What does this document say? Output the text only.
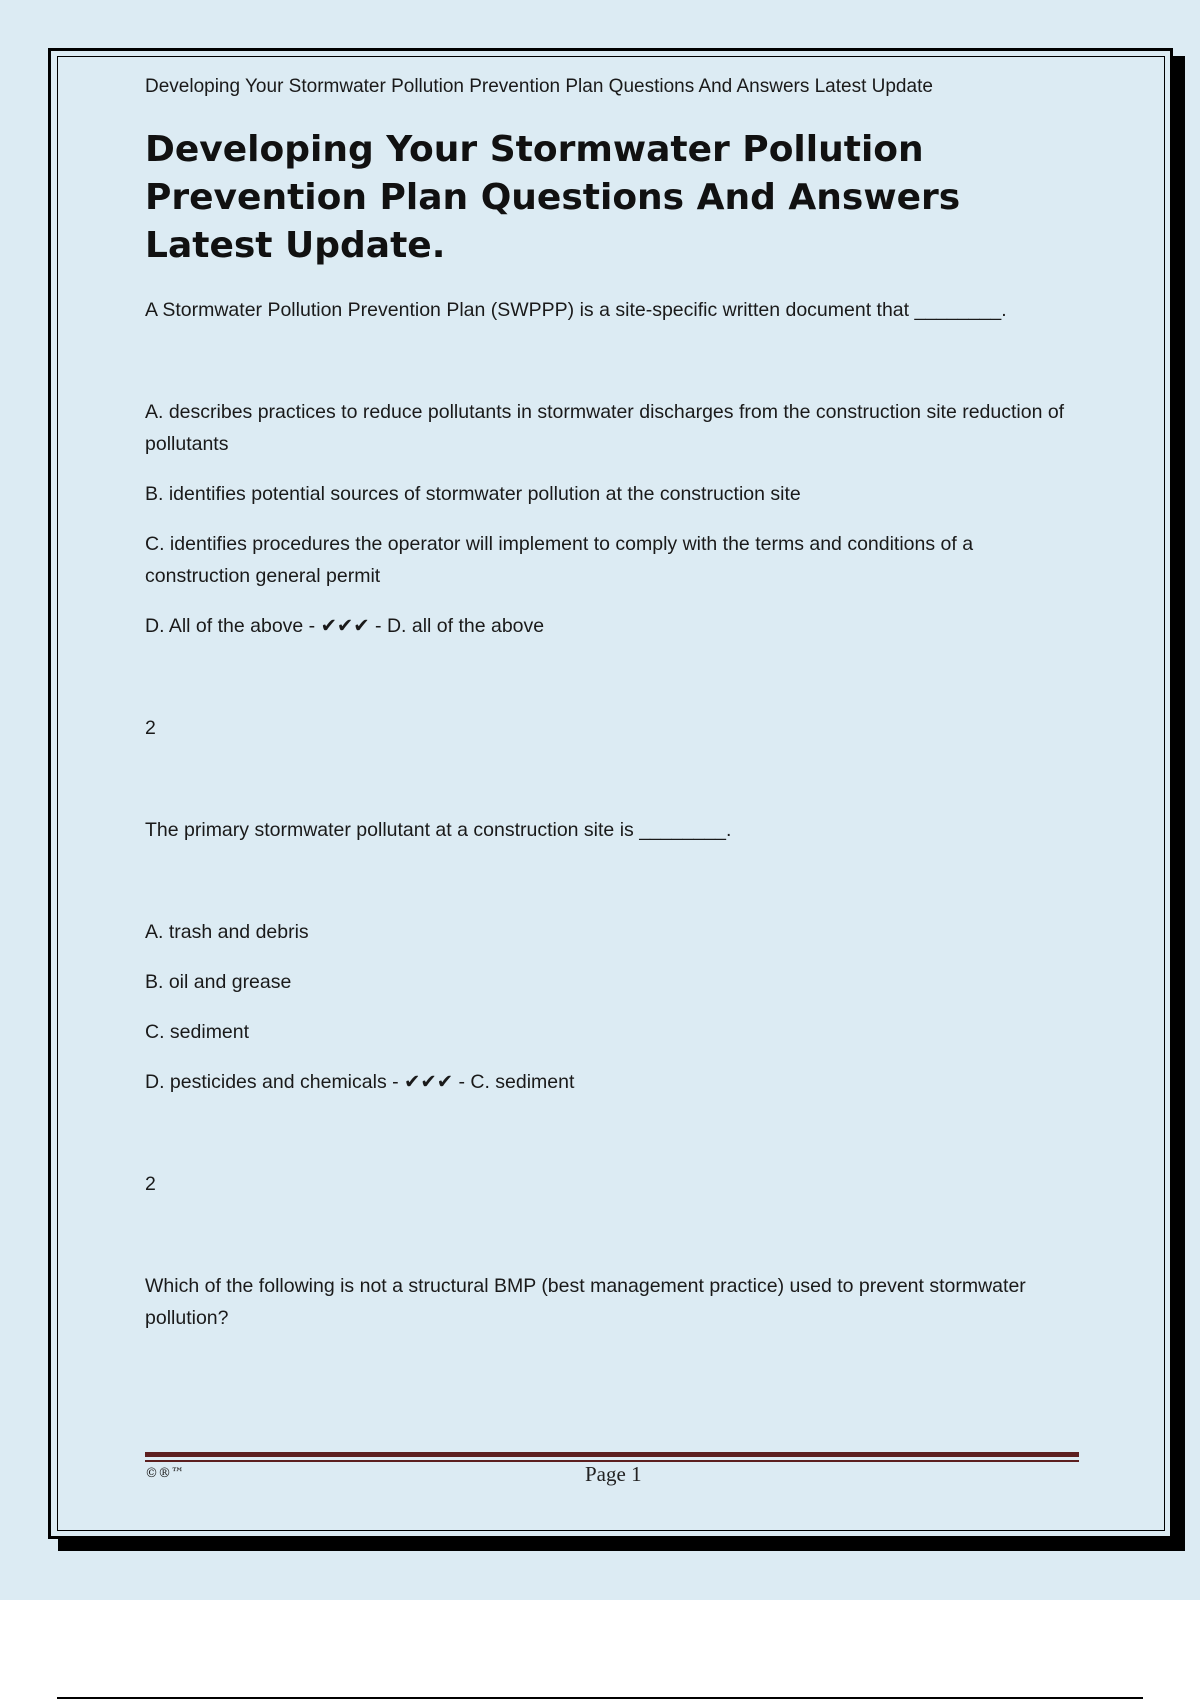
Developing Your Stormwater Pollution Prevention Plan Questions And Answers Latest Update
Developing Your Stormwater Pollution Prevention Plan Questions And Answers Latest Update.

A Stormwater Pollution Prevention Plan (SWPPP) is a site-specific written document that ________.

A. describes practices to reduce pollutants in stormwater discharges from the construction site reduction of pollutants

B. identifies potential sources of stormwater pollution at the construction site

C. identifies procedures the operator will implement to comply with the terms and conditions of a construction general permit

D. All of the above - ✔✔✔ - D. all of the above

2

The primary stormwater pollutant at a construction site is ________.

A. trash and debris

B. oil and grease

C. sediment

D. pesticides and chemicals - ✔✔✔ - C. sediment

2

Which of the following is not a structural BMP (best management practice) used to prevent stormwater pollution?

©®™	Page 1
